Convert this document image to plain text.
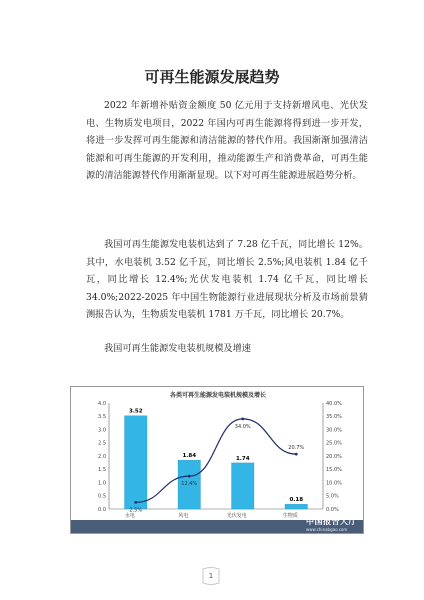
可再生能源发展趋势
2022 年新增补贴资金额度 50 亿元用于支持新增风电、光伏发电、生物质发电项目，2022 年国内可再生能源将得到进一步开发，将进一步发挥可再生能源和清洁能源的替代作用。我国渐渐加强清洁能源和可再生能源的开发利用，推动能源生产和消费革命，可再生能源的清洁能源替代作用渐渐显现。以下对可再生能源进展趋势分析。
我国可再生能源发电装机达到了 7.28 亿千瓦，同比增长 12%。其中，水电装机 3.52 亿千瓦，同比增长 2.5%;风电装机 1.84 亿千瓦，同比增长 12.4%;光伏发电装机 1.74 亿千瓦，同比增长 34.0%;2022-2025 年中国生物能源行业进展现状分析及市场前景猜测报告认为，生物质发电装机 1781 万千瓦，同比增长 20.7%。
我国可再生能源发电装机规模及增速
各类可再生能源发电装机规模及增长
0.0
0.5
1.0
1.5
2.0
2.5
3.0
3.5
4.0
0.0%
5.0%
10.0%
15.0%
20.0%
25.0%
30.0%
35.0%
40.0%
3.52
水电
1.84
风电
1.74
光伏发电
0.18
生物质
2.5%
12.4%
34.0%
20.7%
中国报告大厅
www.chinabgao.com
1
